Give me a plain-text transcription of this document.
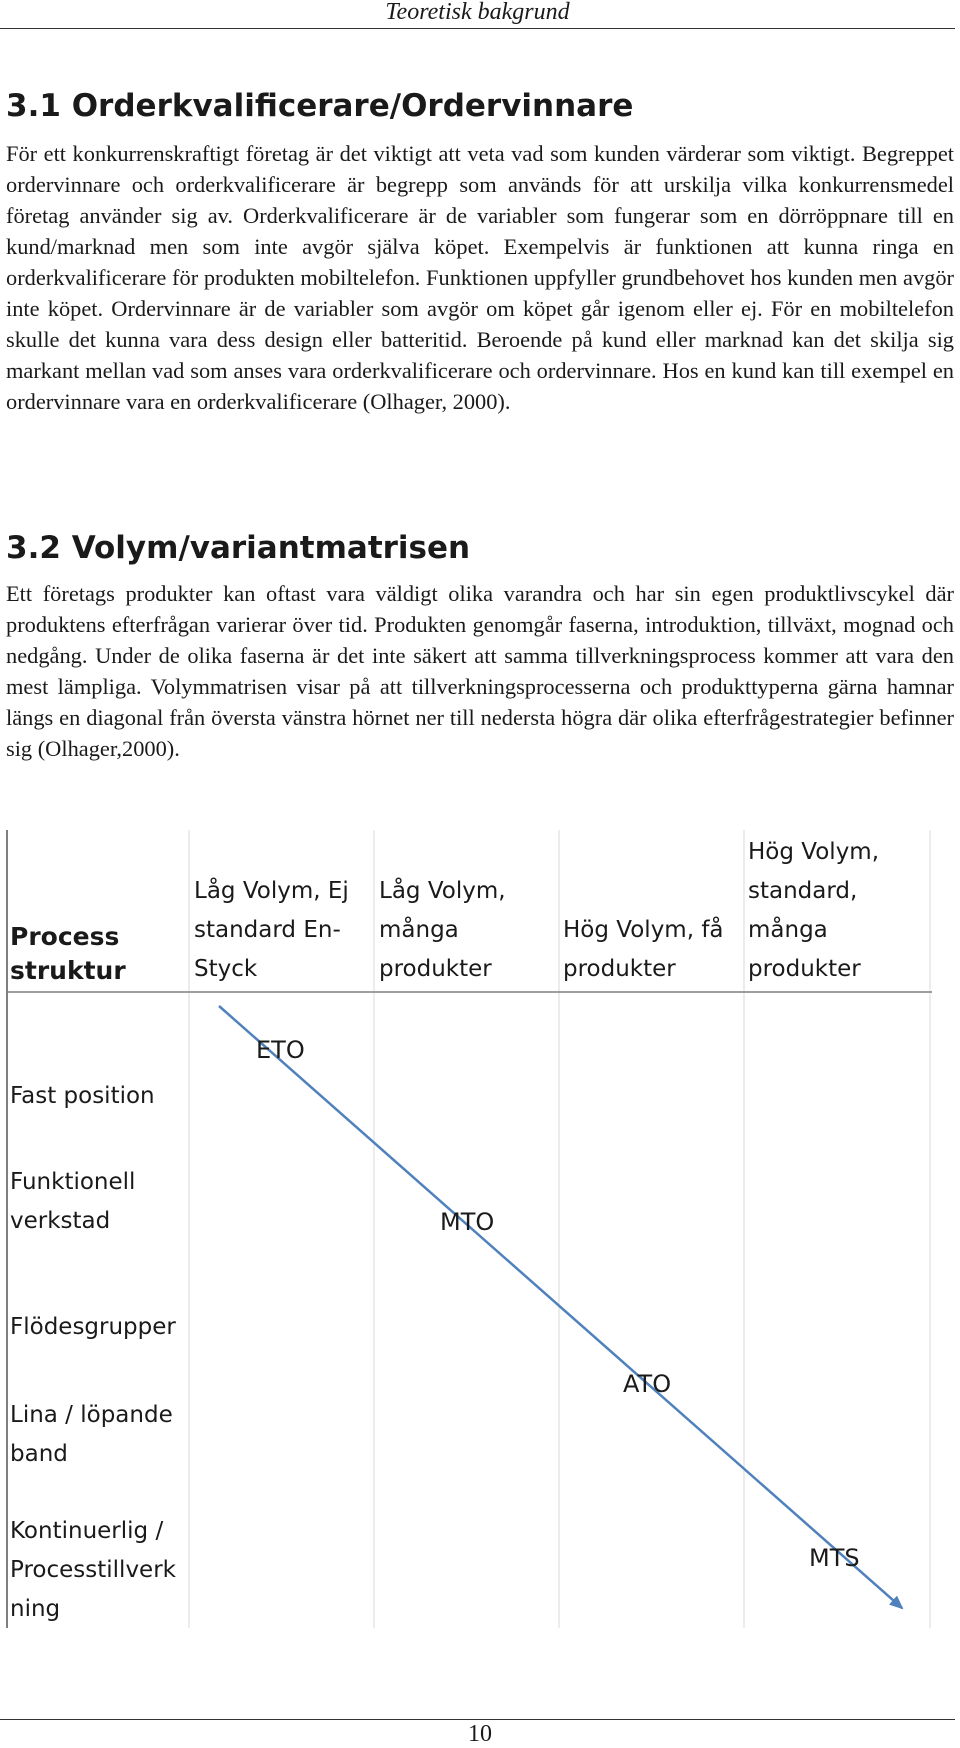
Teoretisk bakgrund
3.1 Orderkvalificerare/Ordervinnare

För ett konkurrenskraftigt företag är det viktigt att veta vad som kunden värderar som viktigt. Begreppet ordervinnare och orderkvalificerare är begrepp som används för att urskilja vilka konkurrensmedel företag använder sig av. Orderkvalificerare är de variabler som fungerar som en dörröppnare till en kund/marknad men som inte avgör själva köpet. Exempelvis är funktionen att kunna ringa en orderkvalificerare för produkten mobiltelefon. Funktionen uppfyller grundbehovet hos kunden men avgör inte köpet. Ordervinnare är de variabler som avgör om köpet går igenom eller ej. För en mobiltelefon skulle det kunna vara dess design eller batteritid. Beroende på kund eller marknad kan det skilja sig markant mellan vad som anses vara orderkvalificerare och ordervinnare. Hos en kund kan till exempel en ordervinnare vara en orderkvalificerare (Olhager, 2000).

3.2 Volym/variantmatrisen

Ett företags produkter kan oftast vara väldigt olika varandra och har sin egen produktlivscykel där produktens efterfrågan varierar över tid. Produkten genomgår faserna, introduktion, tillväxt, mognad och nedgång. Under de olika faserna är det inte säkert att samma tillverkningsprocess kommer att vara den mest lämpliga. Volymmatrisen visar på att tillverkningsprocesserna och produkttyperna gärna hamnar längs en diagonal från översta vänstra hörnet ner till nedersta högra där olika efterfrågestrategier befinner sig (Olhager,2000).

Process
struktur
Låg Volym, Ej
standard En-
Styck
Låg Volym,
många
produkter
Hög Volym, få
produkter
Hög Volym,
standard,
många
produkter
Fast position
Funktionell
verkstad
Flödesgrupper
Lina / löpande
band
Kontinuerlig /
Processtillverk
ning
ETO
MTO
ATO
MTS
10
